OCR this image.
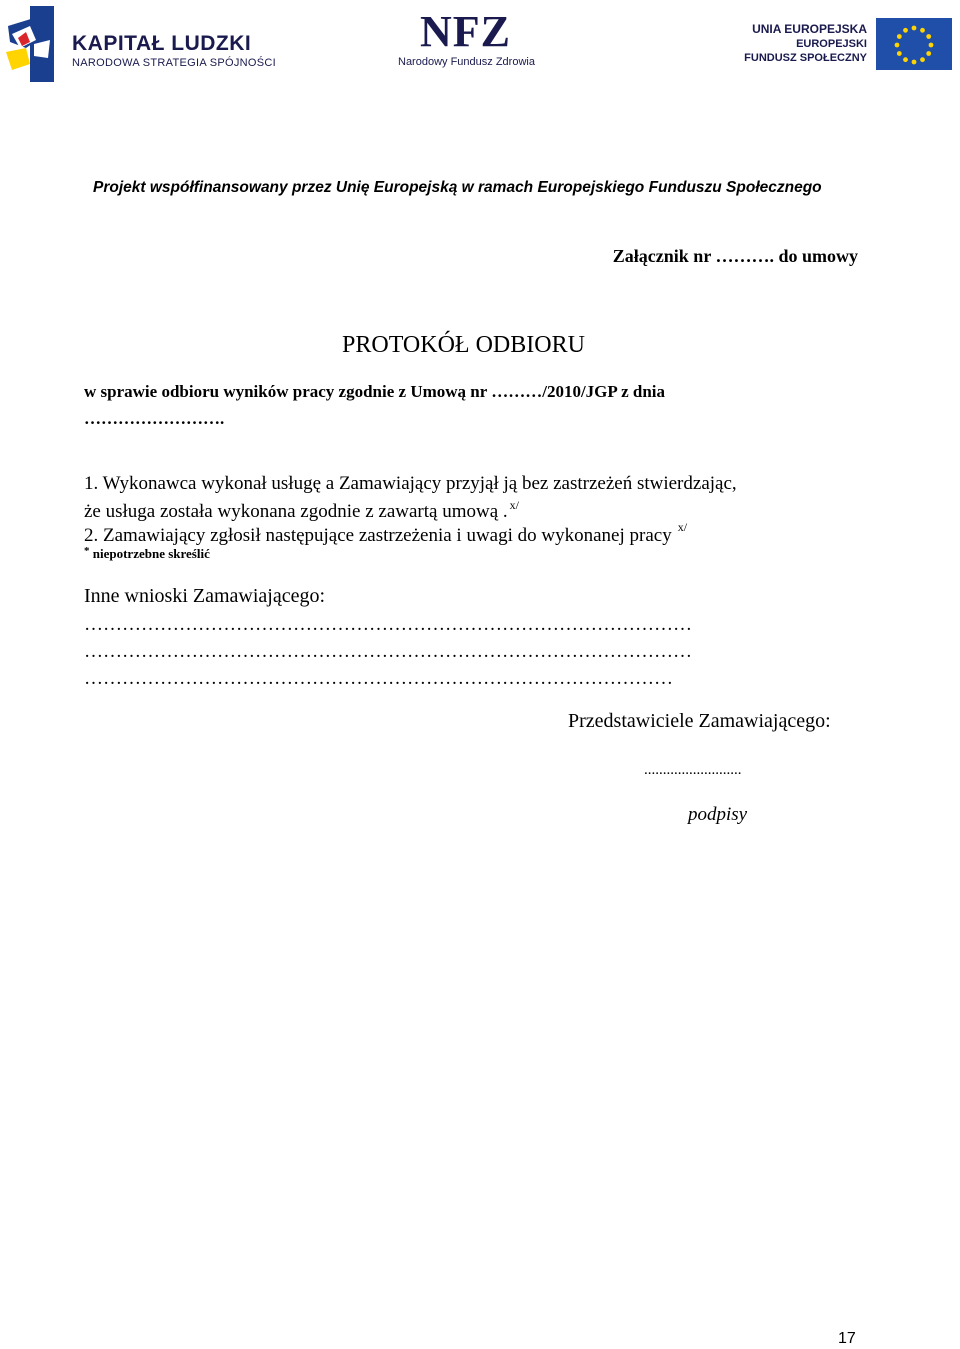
KAPITAŁ LUDZKI
NARODOWA STRATEGIA SPÓJNOŚCI
NFZ
Narodowy Fundusz Zdrowia
UNIA EUROPEJSKA
EUROPEJSKI
FUNDUSZ SPOŁECZNY
Projekt współfinansowany przez Unię Europejską w ramach Europejskiego Funduszu Społecznego
Załącznik nr ………. do umowy
PROTOKÓŁ ODBIORU
w sprawie odbioru wyników pracy zgodnie z Umową nr ………/2010/JGP z dnia
…………………….
1. Wykonawca wykonał usługę a Zamawiający przyjął ją bez zastrzeżeń stwierdzając,
że usługa została wykonana zgodnie z zawartą umową . $^{x/}$
2. Zamawiający zgłosił następujące zastrzeżenia i uwagi do wykonanej pracy $^{x/}$
* niepotrzebne skreślić
Inne wnioski Zamawiającego:
……………………………………………………………………………………
……………………………………………………………………………………
…………………………………………………………………………………
Przedstawiciele Zamawiającego:
..........................
podpisy
17
